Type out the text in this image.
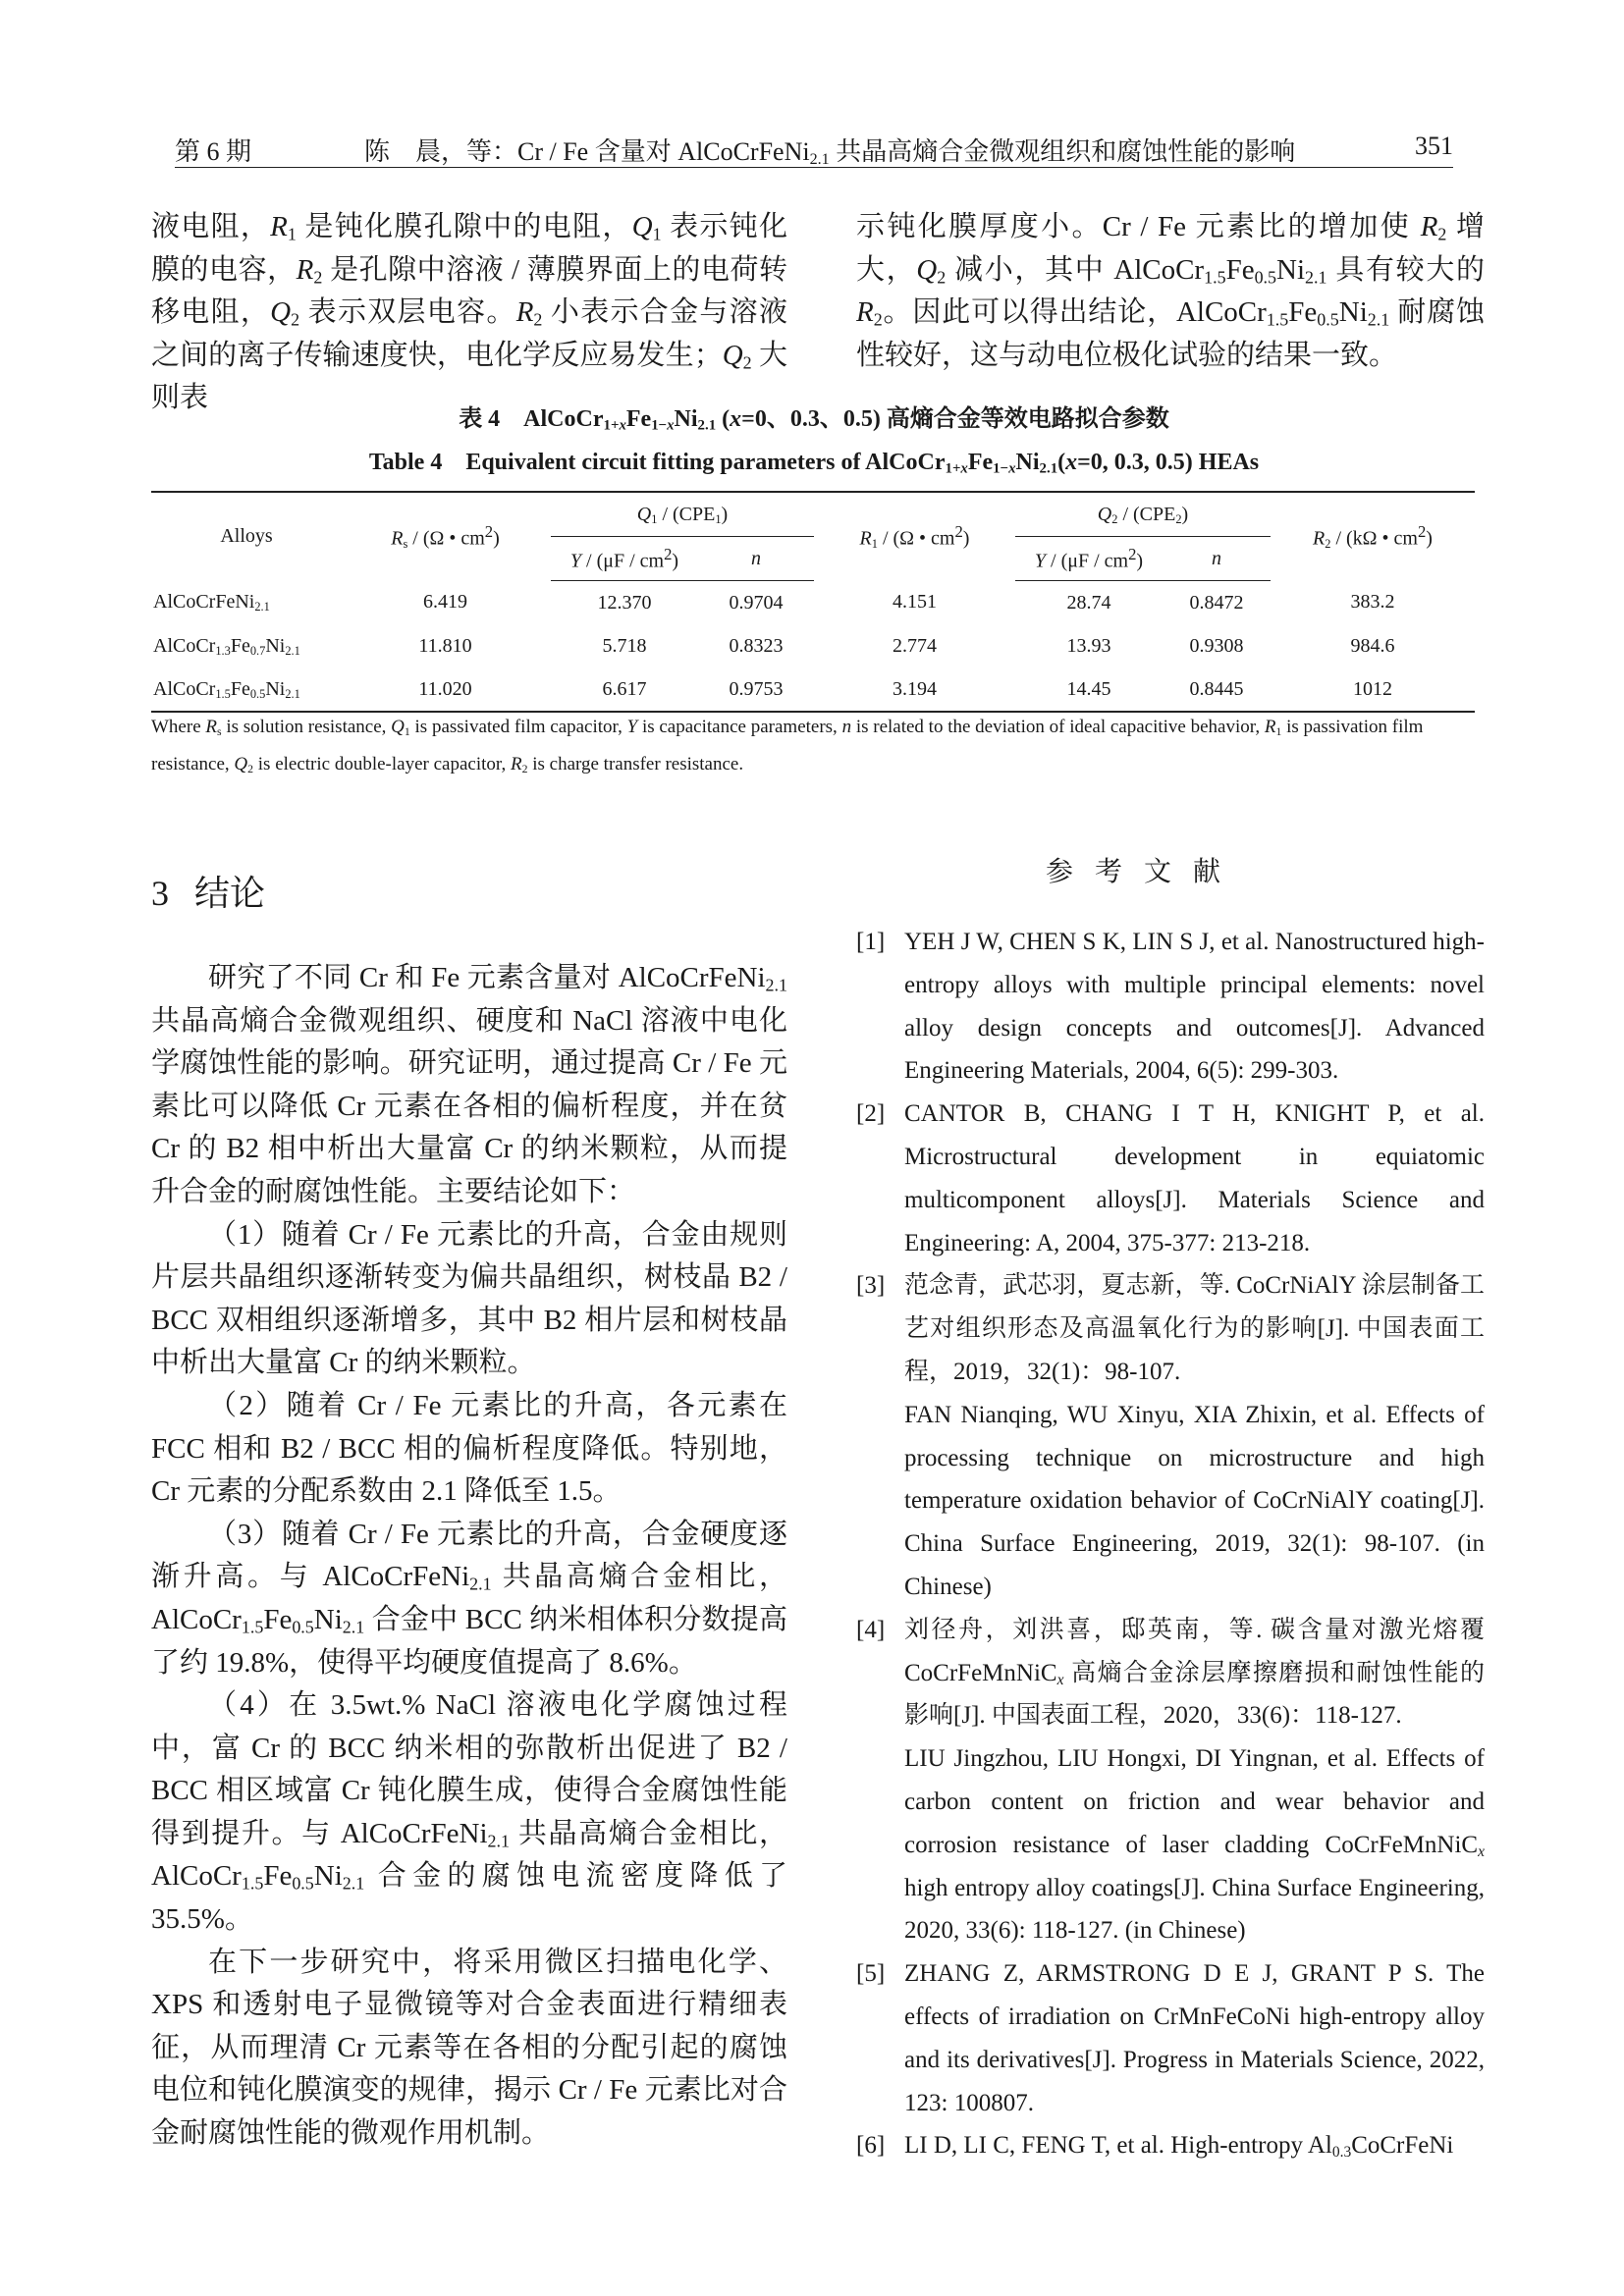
第 6 期	陈　晨，等：Cr / Fe 含量对 AlCoCrFeNi$_{2.1}$ 共晶高熵合金微观组织和腐蚀性能的影响	351
液电阻，$R_1$ 是钝化膜孔隙中的电阻，$Q_1$ 表示钝化膜的电容，$R_2$ 是孔隙中溶液 / 薄膜界面上的电荷转移电阻，$Q_2$ 表示双层电容。$R_2$ 小表示合金与溶液之间的离子传输速度快，电化学反应易发生；$Q_2$ 大则表
示钝化膜厚度小。Cr / Fe 元素比的增加使 $R_2$ 增大，$Q_2$ 减小，其中 $AlCoCr_{1.5}Fe_{0.5}Ni_{2.1}$ 具有较大的 $R_2$。因此可以得出结论，$AlCoCr_{1.5}Fe_{0.5}Ni_{2.1}$ 耐腐蚀性较好，这与动电位极化试验的结果一致。
表 4　$AlCoCr_{1+x}Fe_{1-x}Ni_{2.1}$ (x=0、0.3、0.5) 高熵合金等效电路拟合参数
Table 4　Equivalent circuit fitting parameters of $AlCoCr_{1+x}Fe_{1-x}Ni_{2.1}(x=0$, 0.3, 0.5) HEAs
Alloys	$R_s / (\Omega$ • $cm^2$)	$Q_1 / (CPE_1)$		$R_1 / (\Omega$ • $cm^2$)	$Q_2 / (CPE_2)$		$R_2 / (k\Omega$ • $cm^2$)
		Y / $(\mu F / cm^2)$	n		Y / $(\mu F / cm^2)$	n	
AlCoCrFeNi$_{2.1}$	6.419	12.370	0.9704	4.151	28.74	0.8472	383.2
$AlCoCr_{1.3}Fe_{0.7}Ni_{2.1}$	11.810	5.718	0.8323	2.774	13.93	0.9308	984.6
$AlCoCr_{1.5}Fe_{0.5}Ni_{2.1}$	11.020	6.617	0.9753	3.194	14.45	0.8445	1012
Where $R_s$ is solution resistance, $Q_1$ is passivated film capacitor, Y is capacitance parameters, n is related to the deviation of ideal capacitive behavior, $R_1$ is passivation film resistance, $Q_2$ is electric double-layer capacitor, $R_2$ is charge transfer resistance.
3 结论

研究了不同 Cr 和 Fe 元素含量对 AlCoCrFeNi$_{2.1}$ 共晶高熵合金微观组织、硬度和 NaCl 溶液中电化学腐蚀性能的影响。研究证明，通过提高 Cr / Fe 元素比可以降低 Cr 元素在各相的偏析程度，并在贫 Cr 的 B2 相中析出大量富 Cr 的纳米颗粒，从而提升合金的耐腐蚀性能。主要结论如下：

（1）随着 Cr / Fe 元素比的升高，合金由规则片层共晶组织逐渐转变为偏共晶组织，树枝晶 B2 / BCC 双相组织逐渐增多，其中 B2 相片层和树枝晶中析出大量富 Cr 的纳米颗粒。

（2）随着 Cr / Fe 元素比的升高，各元素在 FCC 相和 B2 / BCC 相的偏析程度降低。特别地，Cr 元素的分配系数由 2.1 降低至 1.5。

（3）随着 Cr / Fe 元素比的升高，合金硬度逐渐升高。与 AlCoCrFeNi$_{2.1}$ 共晶高熵合金相比，$AlCoCr_{1.5}Fe_{0.5}Ni_{2.1}$ 合金中 BCC 纳米相体积分数提高了约 19.8%，使得平均硬度值提高了 8.6%。

（4）在 3.5wt.% NaCl 溶液电化学腐蚀过程中，富 Cr 的 BCC 纳米相的弥散析出促进了 B2 / BCC 相区域富 Cr 钝化膜生成，使得合金腐蚀性能得到提升。与 AlCoCrFeNi$_{2.1}$ 共晶高熵合金相比，$AlCoCr_{1.5}Fe_{0.5}Ni_{2.1}$ 合金的腐蚀电流密度降低了 35.5%。

在下一步研究中，将采用微区扫描电化学、XPS 和透射电子显微镜等对合金表面进行精细表征，从而理清 Cr 元素等在各相的分配引起的腐蚀电位和钝化膜演变的规律，揭示 Cr / Fe 元素比对合金耐腐蚀性能的微观作用机制。

参考文献
[1] YEH J W, CHEN S K, LIN S J, et al. Nanostructured high-entropy alloys with multiple principal elements: novel alloy design concepts and outcomes[J]. Advanced Engineering Materials, 2004, 6(5): 299-303.

[2] CANTOR B, CHANG I T H, KNIGHT P, et al. Microstructural development in equiatomic multicomponent alloys[J]. Materials Science and Engineering: A, 2004, 375-377: 213-218.

[3] 范念青，武芯羽，夏志新，等. CoCrNiAlY 涂层制备工艺对组织形态及高温氧化行为的影响[J]. 中国表面工程，2019，32(1)：98-107.

FAN Nianqing, WU Xinyu, XIA Zhixin, et al. Effects of processing technique on microstructure and high temperature oxidation behavior of CoCrNiAlY coating[J]. China Surface Engineering, 2019, 32(1): 98-107. (in Chinese)

[4] 刘径舟，刘洪喜，邸英南，等. 碳含量对激光熔覆 CoCrFeMnNiC$_x$ 高熵合金涂层摩擦磨损和耐蚀性能的影响[J]. 中国表面工程，2020，33(6)：118-127.

LIU Jingzhou, LIU Hongxi, DI Yingnan, et al. Effects of carbon content on friction and wear behavior and corrosion resistance of laser cladding CoCrFeMnNiC$_x$ high entropy alloy coatings[J]. China Surface Engineering, 2020, 33(6): 118-127. (in Chinese)

[5] ZHANG Z, ARMSTRONG D E J, GRANT P S. The effects of irradiation on CrMnFeCoNi high-entropy alloy and its derivatives[J]. Progress in Materials Science, 2022, 123: 100807.

[6] LI D, LI C, FENG T, et al. High-entropy $Al_{0.3}CoCrFeNi$
